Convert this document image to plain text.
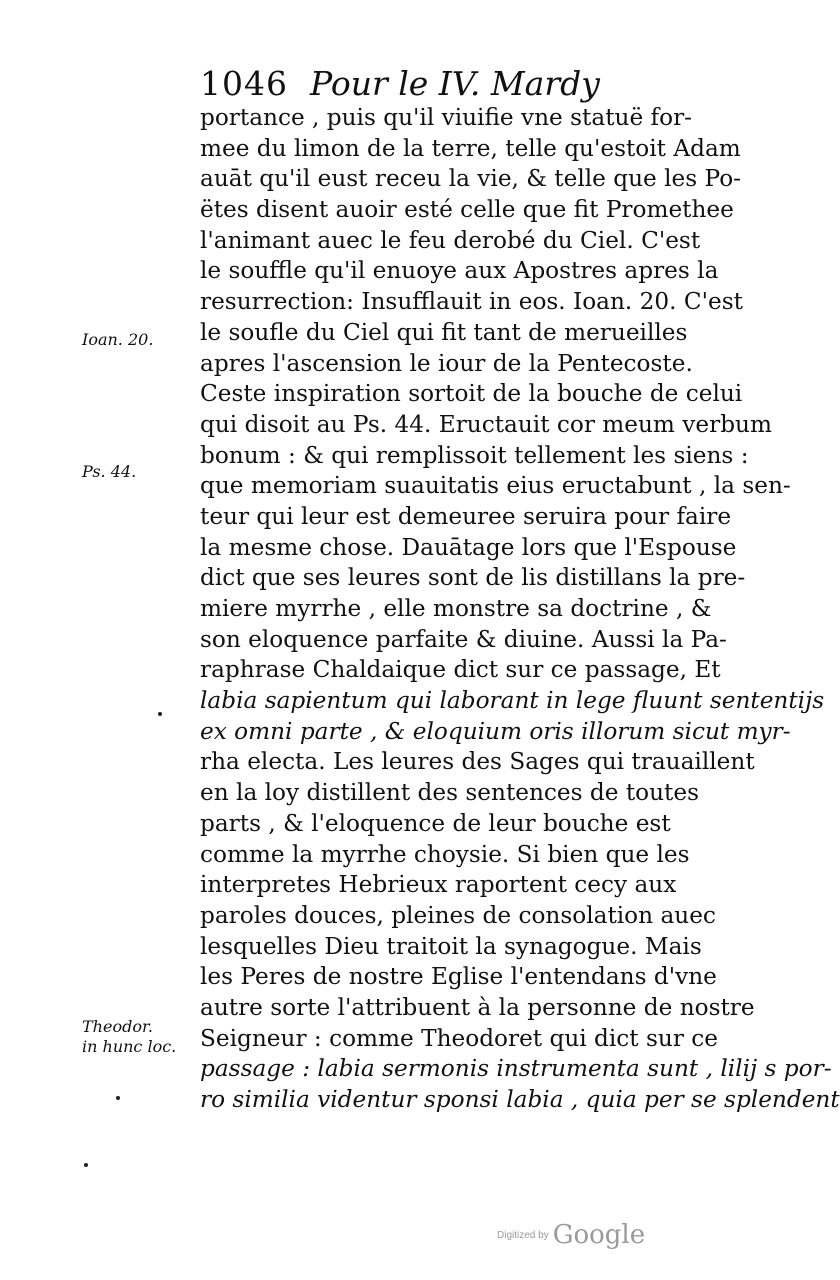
1046 Pour le IV. Mardy
Ioan. 20.
Ps. 44.
Theodor.
in hunc loc.
portance , puis qu'il viuifie vne statuë for-
mee du limon de la terre, telle qu'estoit Adam
auāt qu'il eust receu la vie, & telle que les Po-
ëtes disent auoir esté celle que fit Promethee
l'animant auec le feu derobé du Ciel. C'est
le souffle qu'il enuoye aux Apostres apres la
resurrection: Insufflauit in eos. Ioan. 20. C'est
le soufle du Ciel qui fit tant de merueilles
apres l'ascension le iour de la Pentecoste.
Ceste inspiration sortoit de la bouche de celui
qui disoit au Ps. 44. Eructauit cor meum verbum
bonum : & qui remplissoit tellement les siens :
que memoriam suauitatis eius eructabunt , la sen-
teur qui leur est demeuree seruira pour faire
la mesme chose. Dauātage lors que l'Espouse
dict que ses leures sont de lis distillans la pre-
miere myrrhe , elle monstre sa doctrine , &
son eloquence parfaite & diuine. Aussi la Pa-
raphrase Chaldaique dict sur ce passage, Et
labia sapientum qui laborant in lege fluunt sententijs
ex omni parte , & eloquium oris illorum sicut myr-
rha electa. Les leures des Sages qui trauaillent
en la loy distillent des sentences de toutes
parts , & l'eloquence de leur bouche est
comme la myrrhe choysie. Si bien que les
interpretes Hebrieux raportent cecy aux
paroles douces, pleines de consolation auec
lesquelles Dieu traitoit la synagogue. Mais
les Peres de nostre Eglise l'entendans d'vne
autre sorte l'attribuent à la personne de nostre
Seigneur : comme Theodoret qui dict sur ce
passage : labia sermonis instrumenta sunt , lilij s por-
ro similia videntur sponsi labia , quia per se splendent
Digitized by Google
